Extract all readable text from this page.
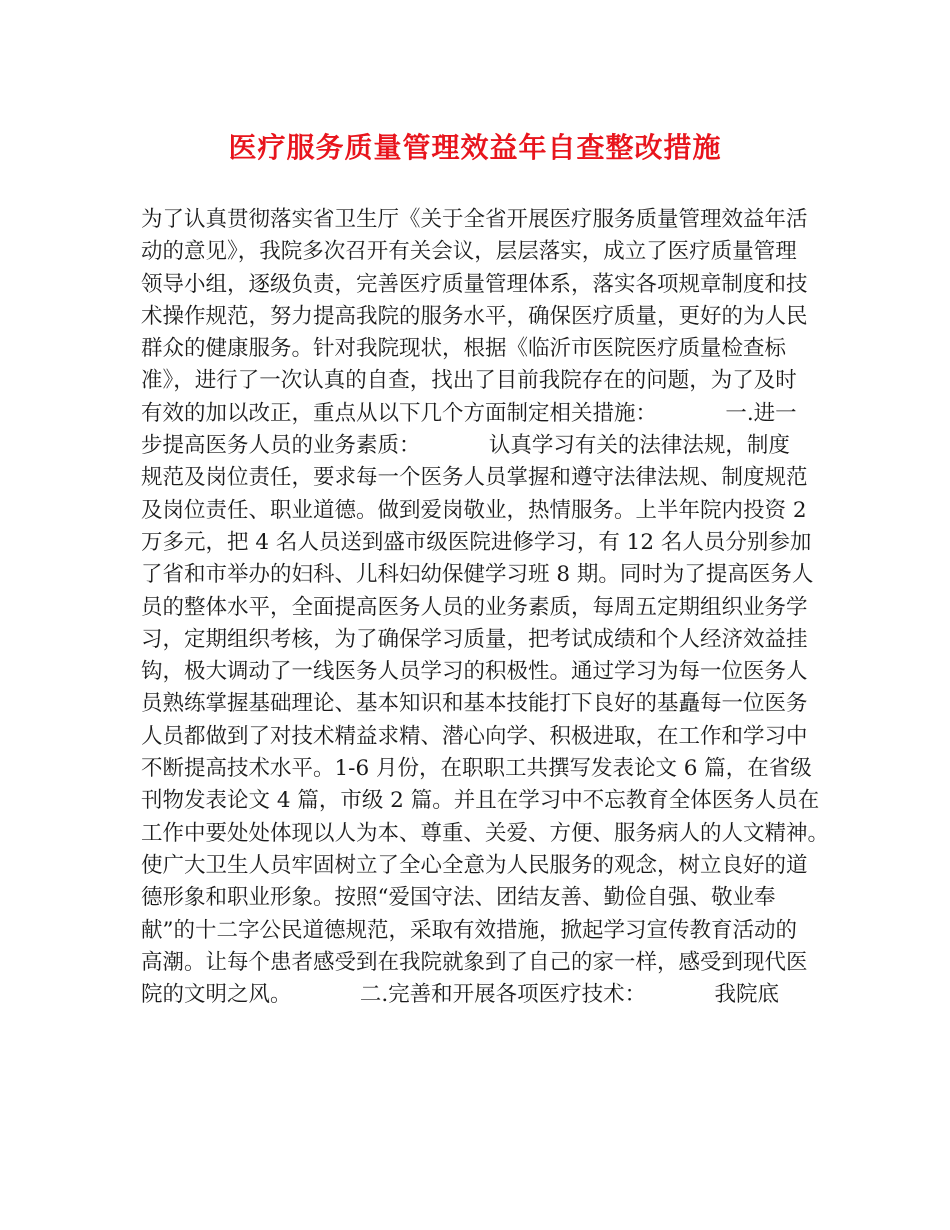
医疗服务质量管理效益年自查整改措施
为了认真贯彻落实省卫生厅《关于全省开展医疗服务质量管理效益年活
动的意见》，我院多次召开有关会议，层层落实，成立了医疗质量管理
领导小组，逐级负责，完善医疗质量管理体系，落实各项规章制度和技
术操作规范，努力提高我院的服务水平，确保医疗质量，更好的为人民
群众的健康服务。针对我院现状，根据《临沂市医院医疗质量检查标
准》，进行了一次认真的自查，找出了目前我院存在的问题，为了及时
有效的加以改正，重点从以下几个方面制定相关措施：          一.进一
步提高医务人员的业务素质：          认真学习有关的法律法规，制度
规范及岗位责任，要求每一个医务人员掌握和遵守法律法规、制度规范
及岗位责任、职业道德。做到爱岗敬业，热情服务。上半年院内投资 2
万多元，把 4 名人员送到盛市级医院进修学习，有 12 名人员分别参加
了省和市举办的妇科、儿科妇幼保健学习班 8 期。同时为了提高医务人
员的整体水平，全面提高医务人员的业务素质，每周五定期组织业务学
习，定期组织考核，为了确保学习质量，把考试成绩和个人经济效益挂
钩，极大调动了一线医务人员学习的积极性。通过学习为每一位医务人
员熟练掌握基础理论、基本知识和基本技能打下良好的基矗每一位医务
人员都做到了对技术精益求精、潜心向学、积极进取，在工作和学习中
不断提高技术水平。1-6 月份，在职职工共撰写发表论文 6 篇，在省级
刊物发表论文 4 篇，市级 2 篇。并且在学习中不忘教育全体医务人员在
工作中要处处体现以人为本、尊重、关爱、方便、服务病人的人文精神。
使广大卫生人员牢固树立了全心全意为人民服务的观念，树立良好的道
德形象和职业形象。按照“爱国守法、团结友善、勤俭自强、敬业奉
献”的十二字公民道德规范，采取有效措施，掀起学习宣传教育活动的
高潮。让每个患者感受到在我院就象到了自己的家一样，感受到现代医
院的文明之风。          二.完善和开展各项医疗技术：          我院底
